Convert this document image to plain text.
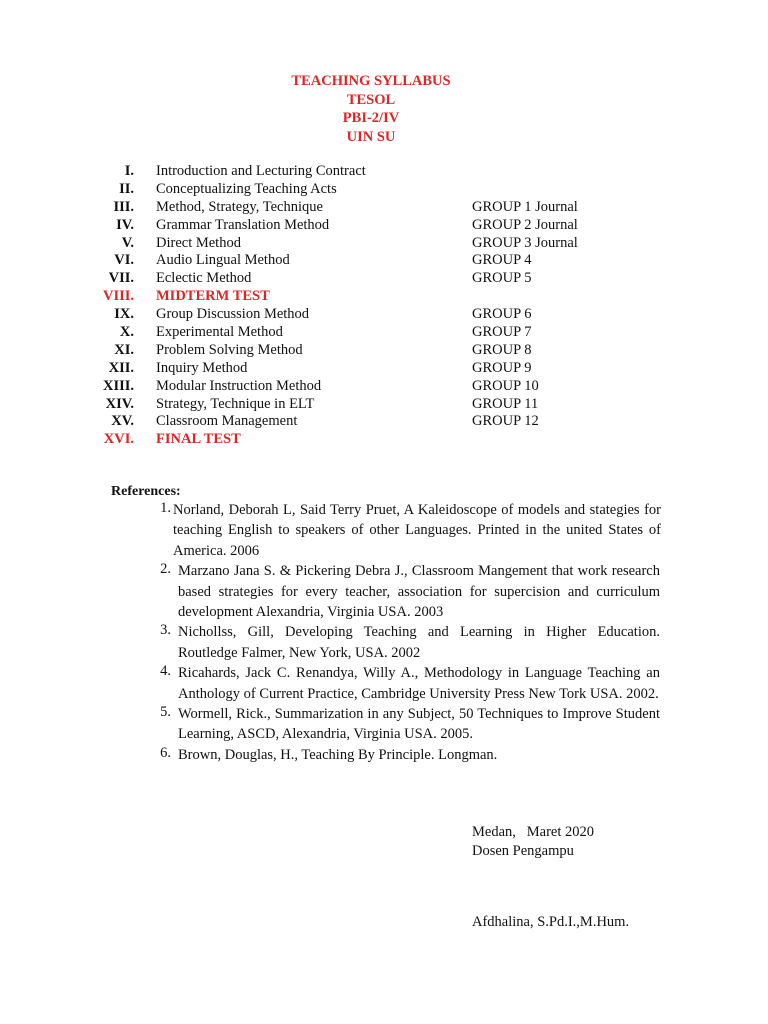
TEACHING SYLLABUS
TESOL
PBI-2/IV
UIN SU
I. Introduction and Lecturing Contract
II. Conceptualizing Teaching Acts
III. Method, Strategy, Technique	GROUP 1 Journal
IV. Grammar Translation Method	GROUP 2 Journal
V. Direct Method	GROUP 3 Journal
VI. Audio Lingual Method	GROUP 4
VII. Eclectic Method	GROUP 5
VIII. MIDTERM TEST
IX. Group Discussion Method	GROUP 6
X. Experimental Method	GROUP 7
XI. Problem Solving Method	GROUP 8
XII. Inquiry Method	GROUP 9
XIII. Modular Instruction Method	GROUP 10
XIV. Strategy, Technique in ELT	GROUP 11
XV. Classroom Management	GROUP 12
XVI. FINAL TEST
References:
1. Norland, Deborah L, Said Terry Pruet, A Kaleidoscope of models and stategies for teaching English to speakers of other Languages. Printed in the united States of America. 2006
2. Marzano Jana S. & Pickering Debra J., Classroom Mangement that work research based strategies for every teacher, association for supercision and curriculum development Alexandria, Virginia USA. 2003
3. Nichollss, Gill, Developing Teaching and Learning in Higher Education. Routledge Falmer, New York, USA. 2002
4. Ricahards, Jack C. Renandya, Willy A., Methodology in Language Teaching an Anthology of Current Practice, Cambridge University Press New Tork USA. 2002.
5. Wormell, Rick., Summarization in any Subject, 50 Techniques to Improve Student Learning, ASCD, Alexandria, Virginia USA. 2005.
6. Brown, Douglas, H., Teaching By Principle. Longman.
Medan,   Maret 2020
Dosen Pengampu
Afdhalina, S.Pd.I.,M.Hum.
